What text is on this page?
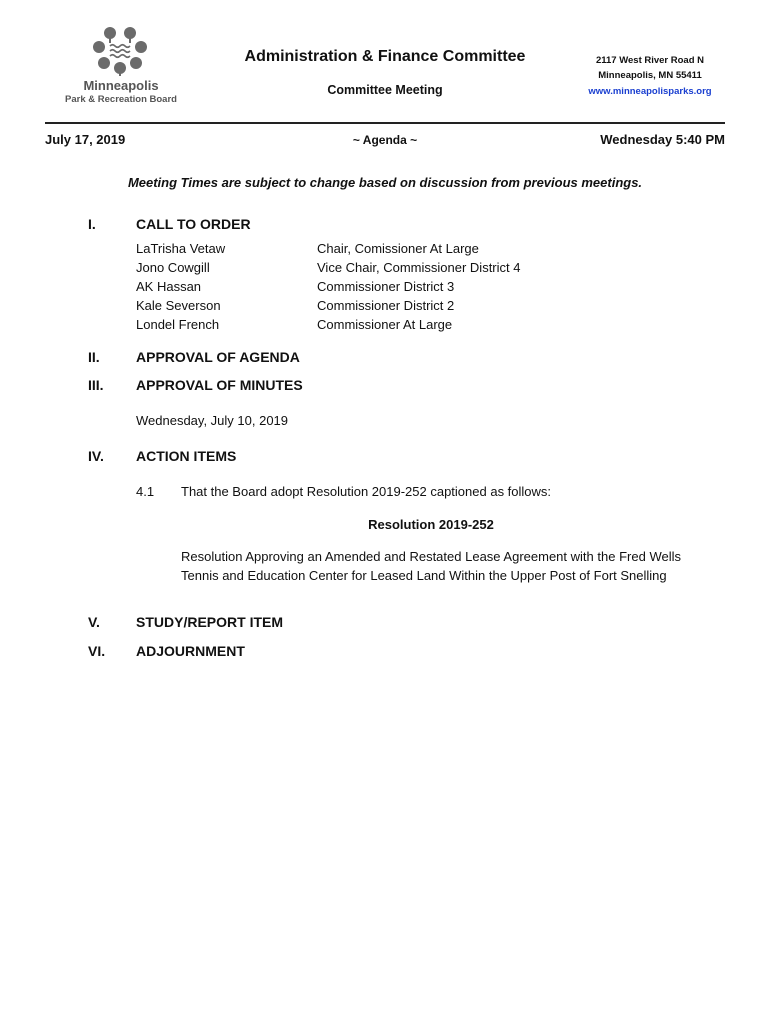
Minneapolis
Park & Recreation Board
Administration & Finance Committee
Committee Meeting
2117 West River Road N
Minneapolis, MN 55411
www.minneapolisparks.org
July 17, 2019	~ Agenda ~	Wednesday 5:40 PM
Meeting Times are subject to change based on discussion from previous meetings.
I.	CALL TO ORDER
LaTrisha Vetaw	Chair, Comissioner At Large
Jono Cowgill	Vice Chair, Commissioner District 4
AK Hassan	Commissioner District 3
Kale Severson	Commissioner District 2
Londel French	Commissioner At Large
II.	APPROVAL OF AGENDA
III. APPROVAL OF MINUTES
Wednesday, July 10, 2019
IV. ACTION ITEMS
4.1 That the Board adopt Resolution 2019-252 captioned as follows:
Resolution 2019-252
Resolution Approving an Amended and Restated Lease Agreement with the Fred Wells Tennis and Education Center for Leased Land Within the Upper Post of Fort Snelling
V.	STUDY/REPORT ITEM
VI. ADJOURNMENT
